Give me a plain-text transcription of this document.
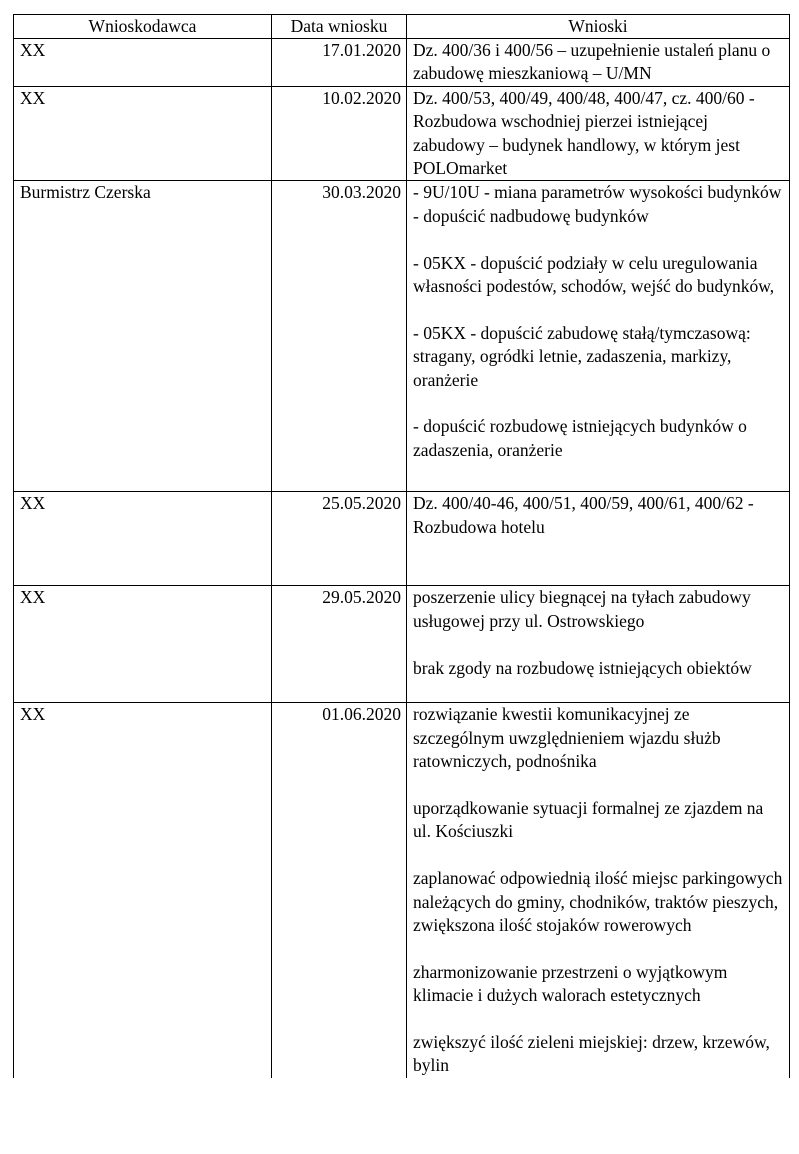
Wnioskodawca	Data wniosku	Wnioski
XX	17.01.2020	Dz. 400/36 i 400/56 – uzupełnienie ustaleń planu o zabudowę mieszkaniową – U/MN

XX	10.02.2020	Dz. 400/53, 400/49, 400/48, 400/47, cz. 400/60 - Rozbudowa wschodniej pierzei istniejącej zabudowy – budynek handlowy, w którym jest POLOmarket

Burmistrz Czerska	30.03.2020	- 9U/10U - miana parametrów wysokości budynków - dopuścić nadbudowę budynków

- 05KX - dopuścić podziały w celu uregulowania własności podestów, schodów, wejść do budynków,

- 05KX - dopuścić zabudowę stałą/tymczasową: stragany, ogródki letnie, zadaszenia, markizy, oranżerie

- dopuścić rozbudowę istniejących budynków o zadaszenia, oranżerie

XX	25.05.2020	Dz. 400/40-46, 400/51, 400/59, 400/61, 400/62 - Rozbudowa hotelu

XX	29.05.2020	poszerzenie ulicy biegnącej na tyłach zabudowy usługowej przy ul. Ostrowskiego

brak zgody na rozbudowę istniejących obiektów

XX	01.06.2020	rozwiązanie kwestii komunikacyjnej ze szczególnym uwzględnieniem wjazdu służb ratowniczych, podnośnika

uporządkowanie sytuacji formalnej ze zjazdem na ul. Kościuszki

zaplanować odpowiednią ilość miejsc parkingowych należących do gminy, chodników, traktów pieszych, zwiększona ilość stojaków rowerowych

zharmonizowanie przestrzeni o wyjątkowym klimacie i dużych walorach estetycznych

zwiększyć ilość zieleni miejskiej: drzew, krzewów, bylin
